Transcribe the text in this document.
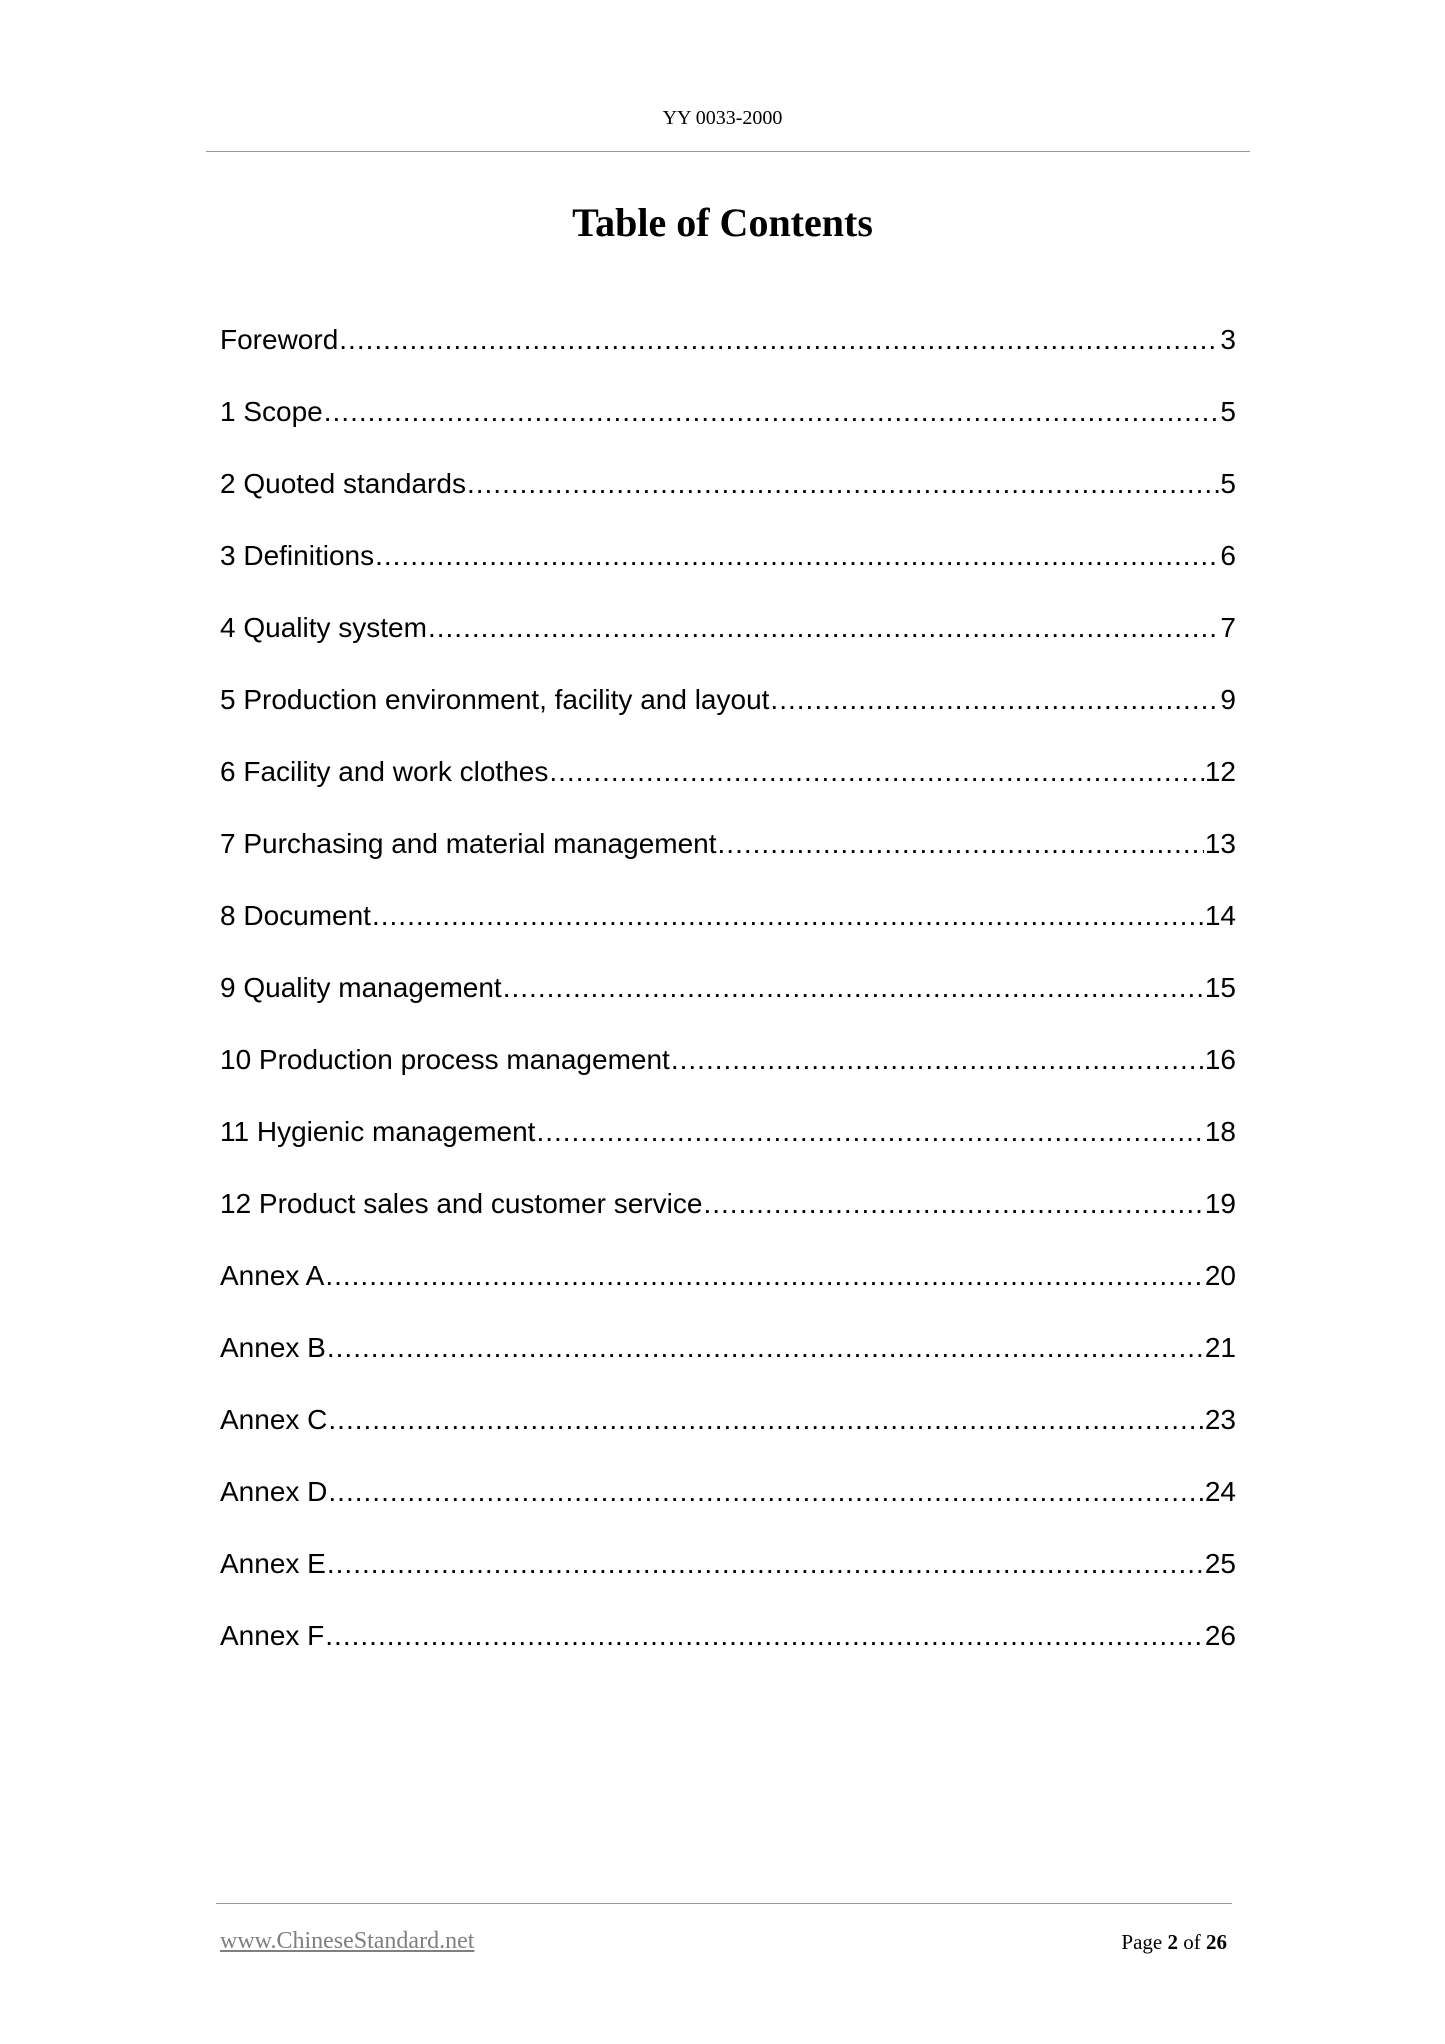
YY 0033-2000
Table of Contents
Foreword .....	3
1 Scope .....	5
2 Quoted standards .....	5
3 Definitions .....	6
4 Quality system .....	7
5 Production environment, facility and layout .....	9
6 Facility and work clothes .....	12
7 Purchasing and material management .....	13
8 Document .....	14
9 Quality management .....	15
10 Production process management .....	16
11 Hygienic management .....	18
12 Product sales and customer service .....	19
Annex A .....	20
Annex B .....	21
Annex C .....	23
Annex D .....	24
Annex E .....	25
Annex F .....	26
www.ChineseStandard.net	Page 2 of 26
